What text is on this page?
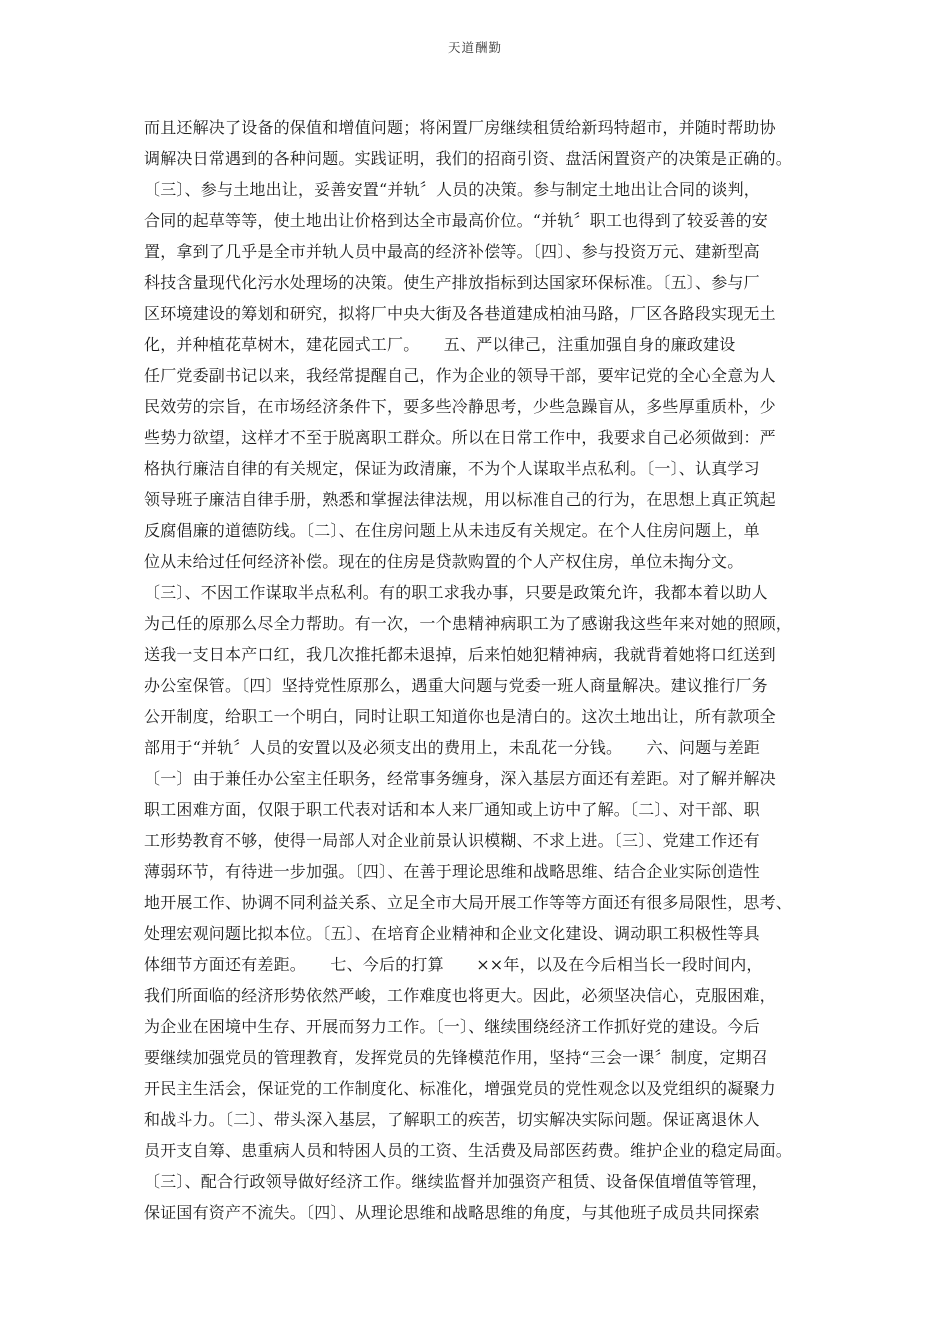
天道酬勤
而且还解决了设备的保值和增值问题；将闲置厂房继续租赁给新玛特超市，并随时帮助协
调解决日常遇到的各种问题。实践证明，我们的招商引资、盘活闲置资产的决策是正确的。
〔三〕、参与土地出让，妥善安置“并轨〞人员的决策。参与制定土地出让合同的谈判，
合同的起草等等，使土地出让价格到达全市最高价位。“并轨〞职工也得到了较妥善的安
置，拿到了几乎是全市并轨人员中最高的经济补偿等。〔四〕、参与投资万元、建新型高
科技含量现代化污水处理场的决策。使生产排放指标到达国家环保标准。〔五〕、参与厂
区环境建设的筹划和研究，拟将厂中央大街及各巷道建成柏油马路，厂区各路段实现无土
化，并种植花草树木，建花园式工厂。　　五、严以律己，注重加强自身的廉政建设
任厂党委副书记以来，我经常提醒自己，作为企业的领导干部，要牢记党的全心全意为人
民效劳的宗旨，在市场经济条件下，要多些冷静思考，少些急躁盲从，多些厚重质朴，少
些势力欲望，这样才不至于脱离职工群众。所以在日常工作中，我要求自己必须做到：严
格执行廉洁自律的有关规定，保证为政清廉，不为个人谋取半点私利。〔一〕、认真学习
领导班子廉洁自律手册，熟悉和掌握法律法规，用以标准自己的行为，在思想上真正筑起
反腐倡廉的道德防线。〔二〕、在住房问题上从未违反有关规定。在个人住房问题上，单
位从未给过任何经济补偿。现在的住房是贷款购置的个人产权住房，单位未掏分文。
〔三〕、不因工作谋取半点私利。有的职工求我办事，只要是政策允许，我都本着以助人
为己任的原那么尽全力帮助。有一次，一个患精神病职工为了感谢我这些年来对她的照顾，
送我一支日本产口红，我几次推托都未退掉，后来怕她犯精神病，我就背着她将口红送到
办公室保管。〔四〕坚持党性原那么，遇重大问题与党委一班人商量解决。建议推行厂务
公开制度，给职工一个明白，同时让职工知道你也是清白的。这次土地出让，所有款项全
部用于“并轨〞人员的安置以及必须支出的费用上，未乱花一分钱。　　六、问题与差距
〔一〕由于兼任办公室主任职务，经常事务缠身，深入基层方面还有差距。对了解并解决
职工困难方面，仅限于职工代表对话和本人来厂通知或上访中了解。〔二〕、对干部、职
工形势教育不够，使得一局部人对企业前景认识模糊、不求上进。〔三〕、党建工作还有
薄弱环节，有待进一步加强。〔四〕、在善于理论思维和战略思维、结合企业实际创造性
地开展工作、协调不同利益关系、立足全市大局开展工作等等方面还有很多局限性，思考、
处理宏观问题比拟本位。〔五〕、在培育企业精神和企业文化建设、调动职工积极性等具
体细节方面还有差距。　　七、今后的打算　　××年，以及在今后相当长一段时间内，
我们所面临的经济形势依然严峻，工作难度也将更大。因此，必须坚决信心，克服困难，
为企业在困境中生存、开展而努力工作。〔一〕、继续围绕经济工作抓好党的建设。今后
要继续加强党员的管理教育，发挥党员的先锋模范作用，坚持“三会一课〞制度，定期召
开民主生活会，保证党的工作制度化、标准化，增强党员的党性观念以及党组织的凝聚力
和战斗力。〔二〕、带头深入基层，了解职工的疾苦，切实解决实际问题。保证离退休人
员开支自筹、患重病人员和特困人员的工资、生活费及局部医药费。维护企业的稳定局面。
〔三〕、配合行政领导做好经济工作。继续监督并加强资产租赁、设备保值增值等管理，
保证国有资产不流失。〔四〕、从理论思维和战略思维的角度，与其他班子成员共同探索
